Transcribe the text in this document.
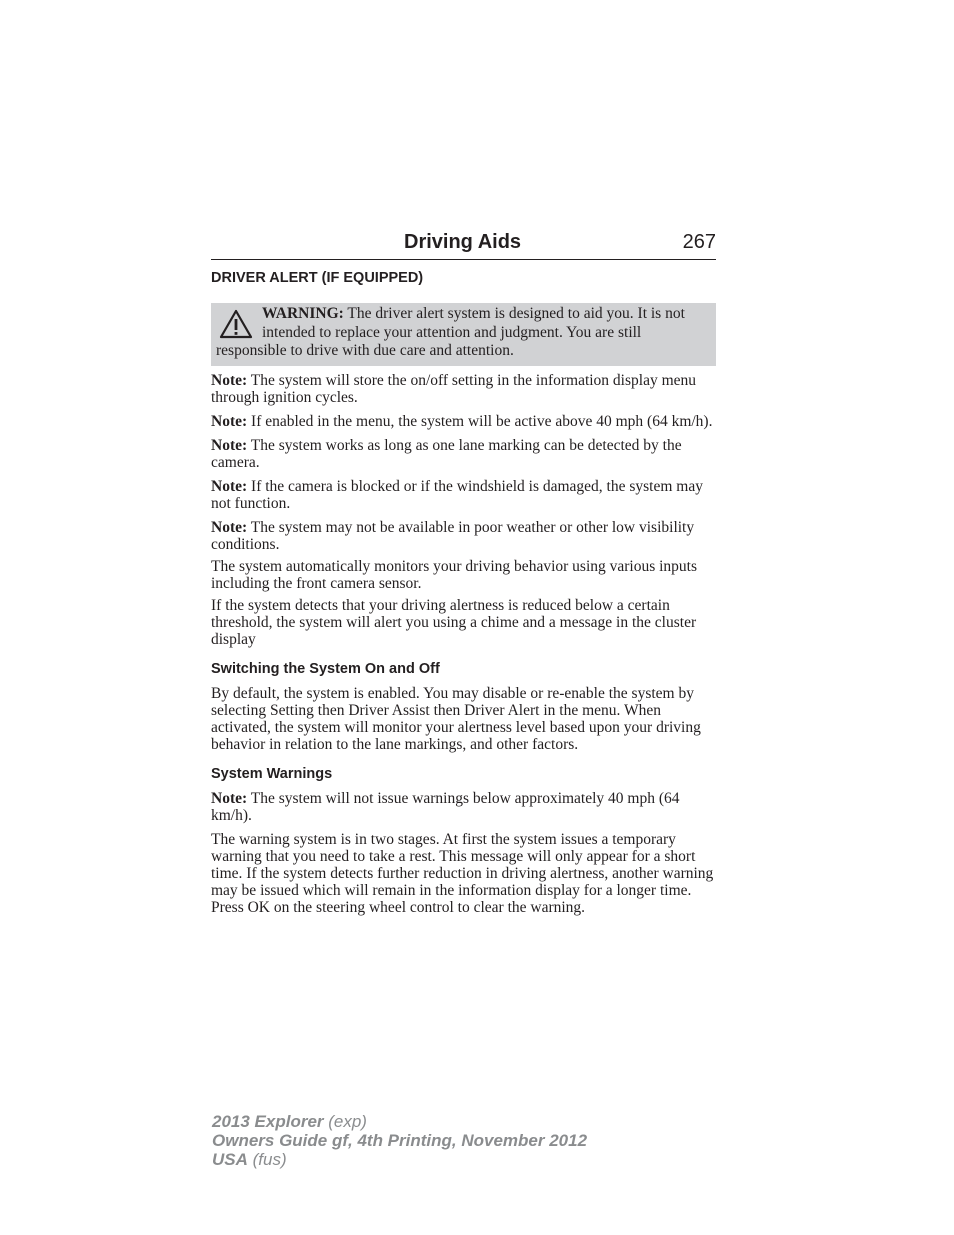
Driving Aids	267
DRIVER ALERT (IF EQUIPPED)
WARNING: The driver alert system is designed to aid you. It is not intended to replace your attention and judgment. You are still responsible to drive with due care and attention.

Note: The system will store the on/off setting in the information display menu through ignition cycles.

Note: If enabled in the menu, the system will be active above 40 mph (64 km/h).

Note: The system works as long as one lane marking can be detected by the camera.

Note: If the camera is blocked or if the windshield is damaged, the system may not function.

Note: The system may not be available in poor weather or other low visibility conditions.

The system automatically monitors your driving behavior using various inputs including the front camera sensor.

If the system detects that your driving alertness is reduced below a certain threshold, the system will alert you using a chime and a message in the cluster display

Switching the System On and Off

By default, the system is enabled. You may disable or re-enable the system by selecting Setting then Driver Assist then Driver Alert in the menu. When activated, the system will monitor your alertness level based upon your driving behavior in relation to the lane markings, and other factors.

System Warnings

Note: The system will not issue warnings below approximately 40 mph (64 km/h).

The warning system is in two stages. At first the system issues a temporary warning that you need to take a rest. This message will only appear for a short time. If the system detects further reduction in driving alertness, another warning may be issued which will remain in the information display for a longer time. Press OK on the steering wheel control to clear the warning.

2013 Explorer (exp)
Owners Guide gf, 4th Printing, November 2012
USA (fus)
